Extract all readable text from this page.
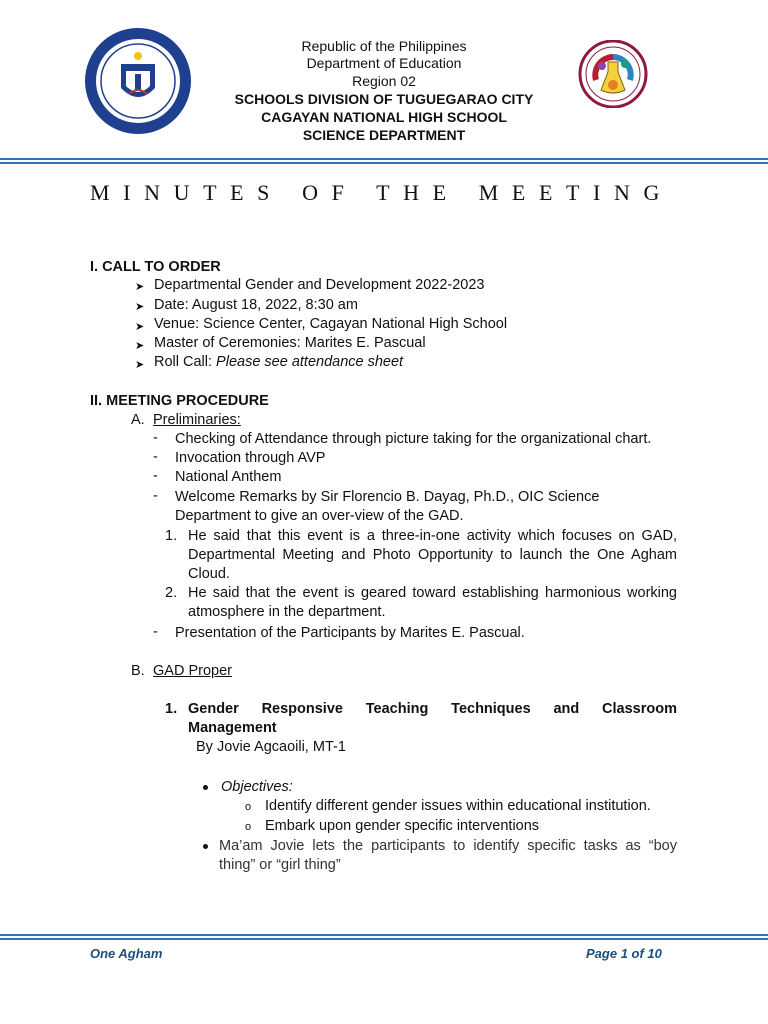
Republic of the Philippines
Department of Education
Region 02
SCHOOLS DIVISION OF TUGUEGARAO CITY
CAGAYAN NATIONAL HIGH SCHOOL
SCIENCE DEPARTMENT
MINUTES OF THE MEETING
I. CALL TO ORDER
➤ Departmental Gender and Development 2022-2023
➤ Date: August 18, 2022, 8:30 am
➤ Venue: Science Center, Cagayan National High School
➤ Master of Ceremonies: Marites E. Pascual
➤ Roll Call: Please see attendance sheet
II. MEETING PROCEDURE
A. Preliminaries:
- Checking of Attendance through picture taking for the organizational chart.
- Invocation through AVP
- National Anthem
- Welcome Remarks by Sir Florencio B. Dayag, Ph.D., OIC Science
Department to give an over-view of the GAD.
1. He said that this event is a three-in-one activity which focuses on GAD,
Departmental Meeting and Photo Opportunity to launch the One Agham
Cloud.
2. He said that the event is geared toward establishing harmonious working
atmosphere in the department.
- Presentation of the Participants by Marites E. Pascual.
B. GAD Proper
1. Gender Responsive Teaching Techniques and Classroom
Management
By Jovie Agcaoili, MT-1
Objectives:
o Identify different gender issues within educational institution.
o Embark upon gender specific interventions
Ma’am Jovie lets the participants to identify specific tasks as “boy
thing” or “girl thing”
One Agham	Page 1 of 10
